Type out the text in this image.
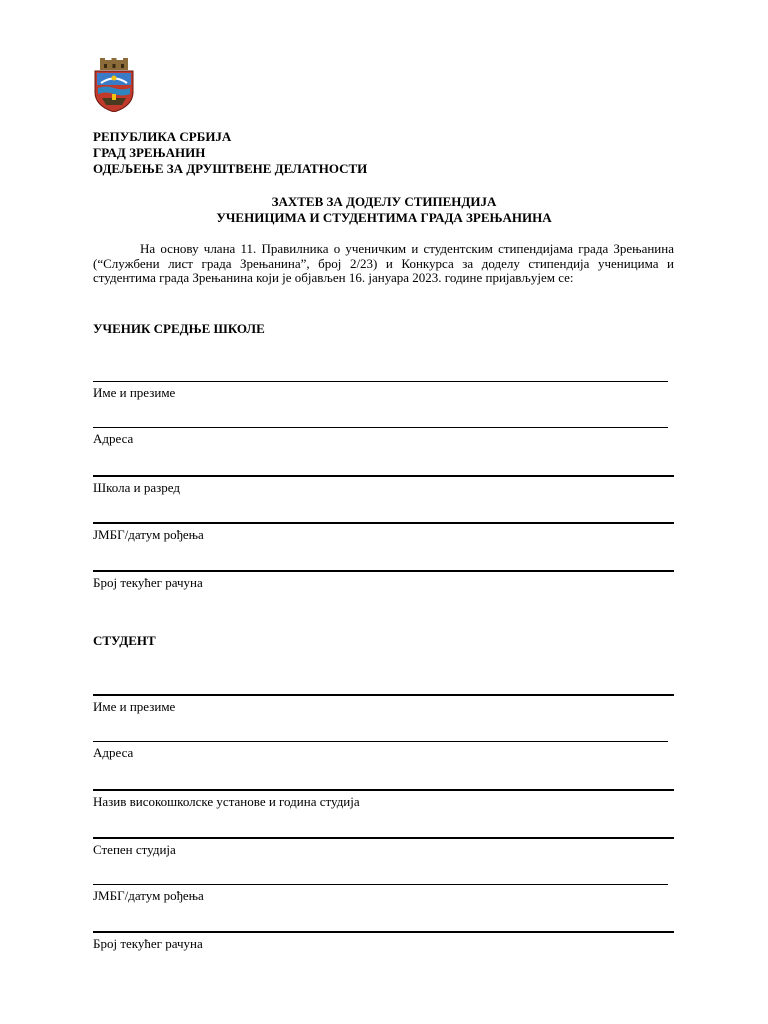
РЕПУБЛИКА СРБИЈА
ГРАД ЗРЕЊАНИН
ОДЕЉЕЊЕ ЗА ДРУШТВЕНЕ ДЕЛАТНОСТИ
ЗАХТЕВ ЗА ДОДЕЛУ СТИПЕНДИЈА
УЧЕНИЦИМА И СТУДЕНТИМА ГРАДА ЗРЕЊАНИНА
На основу члана 11. Правилника о ученичким и студентским стипендијама града Зрењанина (“Службени лист града Зрењанина”, број 2/23) и Конкурса за доделу стипендија ученицима и студентима града Зрењанина који је објављен 16. јануара 2023. године пријављујем се:
УЧЕНИК СРЕДЊЕ ШКОЛЕ
Име и презиме
Адреса
Школа и разред
ЈМБГ/датум рођења
Број текућег рачуна
СТУДЕНТ
Име и презиме
Адреса
Назив високошколске установе и година студија
Степен студија
ЈМБГ/датум рођења
Број текућег рачуна
